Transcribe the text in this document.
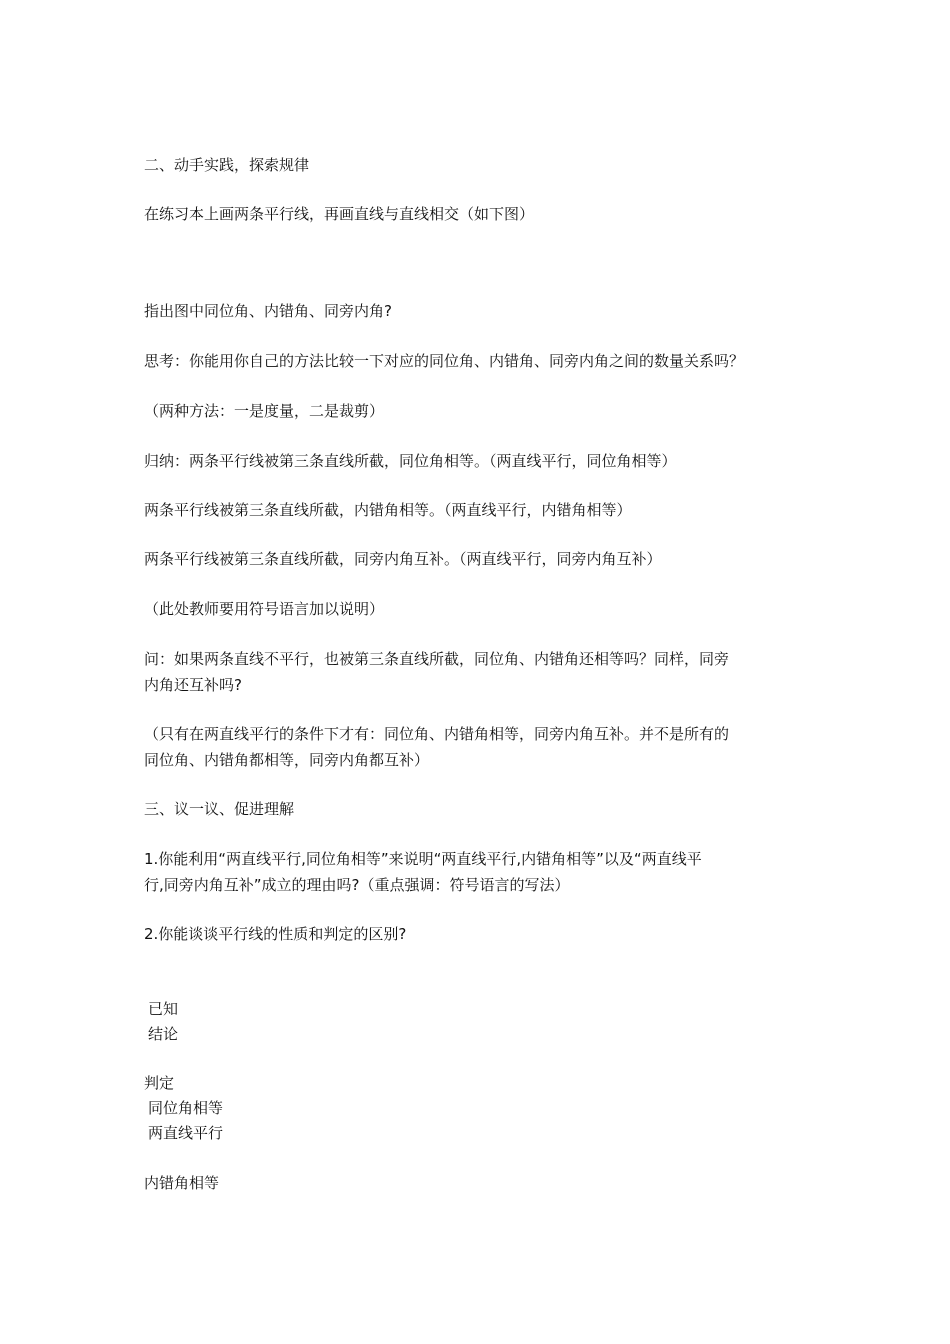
二、动手实践，探索规律
在练习本上画两条平行线，再画直线与直线相交（如下图）
指出图中同位角、内错角、同旁内角?
思考：你能用你自己的方法比较一下对应的同位角、内错角、同旁内角之间的数量关系吗？
（两种方法：一是度量，二是裁剪）
归纳：两条平行线被第三条直线所截，同位角相等。（两直线平行，同位角相等）
两条平行线被第三条直线所截，内错角相等。（两直线平行，内错角相等）
两条平行线被第三条直线所截，同旁内角互补。（两直线平行，同旁内角互补）
（此处教师要用符号语言加以说明）
问：如果两条直线不平行，也被第三条直线所截，同位角、内错角还相等吗？同样，同旁
内角还互补吗?
（只有在两直线平行的条件下才有：同位角、内错角相等，同旁内角互补。并不是所有的
同位角、内错角都相等，同旁内角都互补）
三、议一议、促进理解
1.你能利用“两直线平行,同位角相等”来说明“两直线平行,内错角相等”以及“两直线平
行,同旁内角互补”成立的理由吗?（重点强调：符号语言的写法）
2.你能谈谈平行线的性质和判定的区别?
已知
结论
判定
同位角相等
两直线平行
内错角相等
